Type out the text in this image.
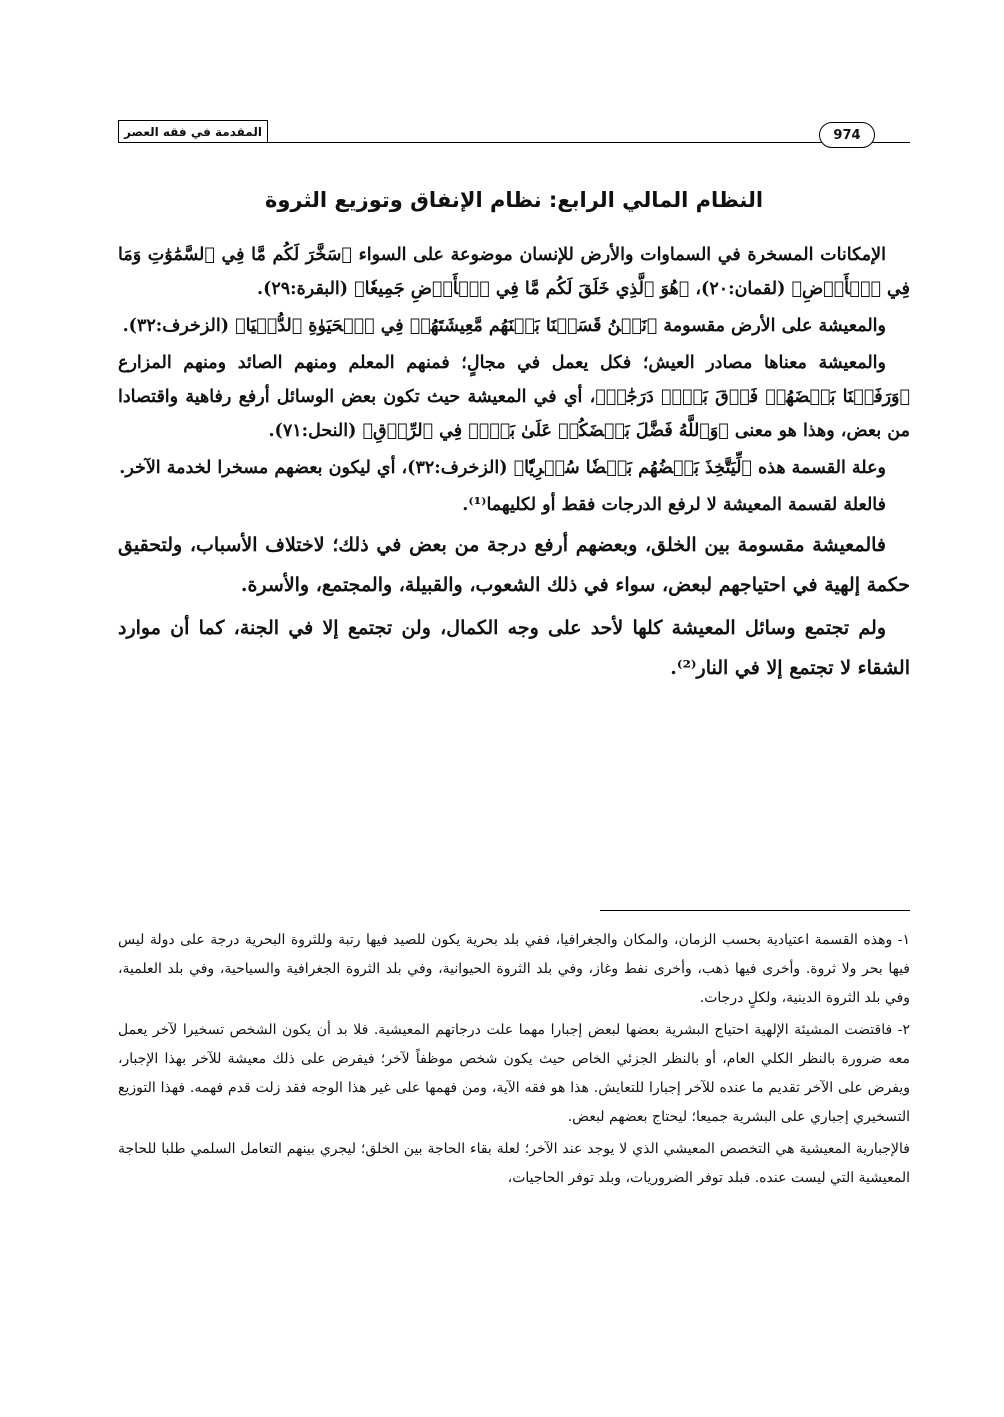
المقدمة في فقه العصر	974
النظام المالي الرابع: نظام الإنفاق وتوزيع الثروة

الإمكانات المسخرة في السماوات والأرض للإنسان موضوعة على السواء ﴿سَخَّرَ لَكُم مَّا فِي ٱلسَّمَٰوَٰتِ وَمَا فِي ٱلۡأَرۡضِ﴾ (لقمان:٢٠)، ﴿هُوَ ٱلَّذِي خَلَقَ لَكُم مَّا فِي ٱلۡأَرۡضِ جَمِيعٗا﴾ (البقرة:٢٩).

والمعيشة على الأرض مقسومة ﴿نَحۡنُ قَسَمۡنَا بَيۡنَهُم مَّعِيشَتَهُمۡ فِي ٱلۡحَيَوٰةِ ٱلدُّنۡيَا﴾ (الزخرف:٣٢).

والمعيشة معناها مصادر العيش؛ فكل يعمل في مجالٍ؛ فمنهم المعلم ومنهم الصائد ومنهم المزارع ﴿وَرَفَعۡنَا بَعۡضَهُمۡ فَوۡقَ بَعۡضٖ دَرَجَٰتٖ﴾، أي في المعيشة حيث تكون بعض الوسائل أرفع رفاهية واقتصادا من بعض، وهذا هو معنى ﴿وَٱللَّهُ فَضَّلَ بَعۡضَكُمۡ عَلَىٰ بَعۡضٖ فِي ٱلرِّزۡقِ﴾ (النحل:٧١).

وعلة القسمة هذه ﴿لِّيَتَّخِذَ بَعۡضُهُم بَعۡضٗا سُخۡرِيّٗا﴾ (الزخرف:٣٢)، أي ليكون بعضهم مسخرا لخدمة الآخر.

فالعلة لقسمة المعيشة لا لرفع الدرجات فقط أو لكليهما⁽¹⁾.

فالمعيشة مقسومة بين الخلق، وبعضهم أرفع درجة من بعض في ذلك؛ لاختلاف الأسباب، ولتحقيق حكمة إلهية في احتياجهم لبعض، سواء في ذلك الشعوب، والقبيلة، والمجتمع، والأسرة.

ولم تجتمع وسائل المعيشة كلها لأحد على وجه الكمال، ولن تجتمع إلا في الجنة، كما أن موارد الشقاء لا تجتمع إلا في النار⁽²⁾.

١- وهذه القسمة اعتيادية بحسب الزمان، والمكان والجغرافيا، ففي بلد بحرية يكون للصيد فيها رتبة وللثروة البحرية درجة على دولة ليس فيها بحر ولا ثروة. وأخرى فيها ذهب، وأخرى نفط وغاز، وفي بلد الثروة الحيوانية، وفي بلد الثروة الجغرافية والسياحية، وفي بلد العلمية، وفي بلد الثروة الدينية، ولكلٍ درجات.

٢- فاقتضت المشيئة الإلهية احتياج البشرية بعضها لبعض إجبارا مهما علت درجاتهم المعيشية. فلا بد أن يكون الشخص تسخيرا لآخر يعمل معه ضرورة بالنظر الكلي العام، أو بالنظر الجزئي الخاص حيث يكون شخص موظفاً لآخر؛ فيفرض على ذلك معيشة للآخر بهذا الإجبار، ويفرض على الآخر تقديم ما عنده للآخر إجبارا للتعايش. هذا هو فقه الآية، ومن فهمها على غير هذا الوجه فقد زلت قدم فهمه. فهذا التوزيع التسخيري إجباري على البشرية جميعا؛ ليحتاج بعضهم لبعض.

فالإجبارية المعيشية هي التخصص المعيشي الذي لا يوجد عند الآخر؛ لعلة بقاء الحاجة بين الخلق؛ ليجري بينهم التعامل السلمي طلبا للحاجة المعيشية التي ليست عنده. فبلد توفر الضروريات، وبلد توفر الحاجيات،
